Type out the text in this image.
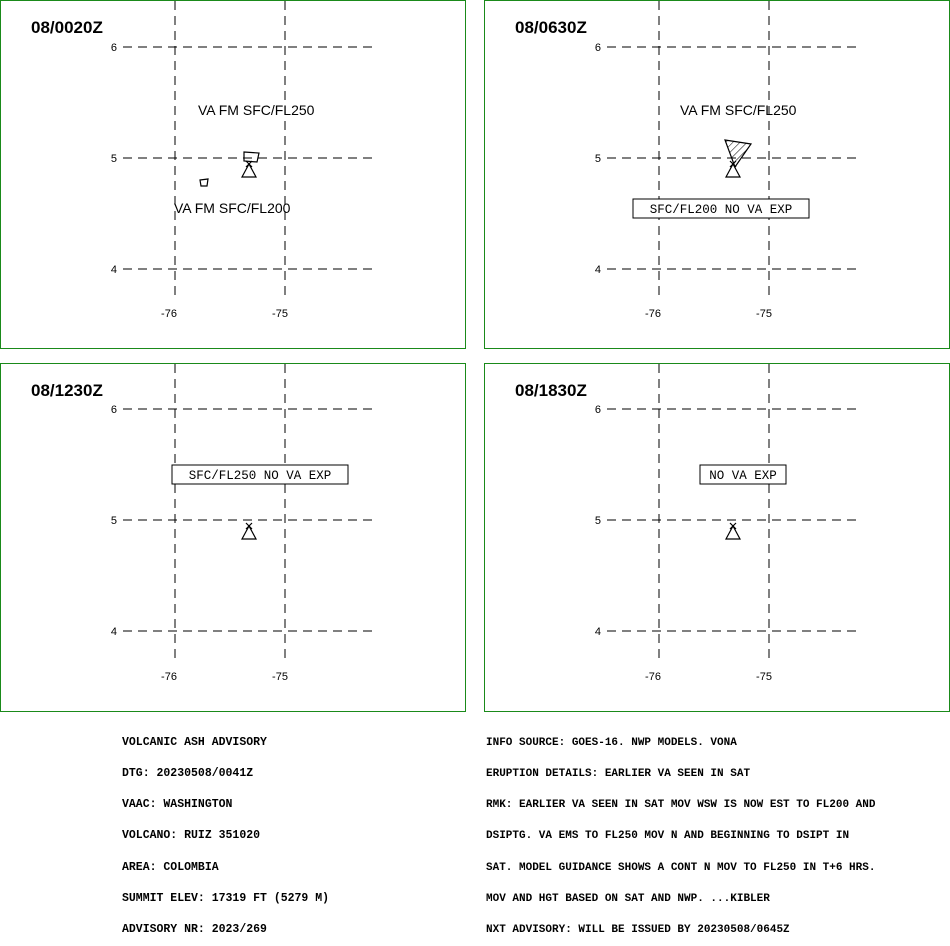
6
5
4
-76	-75
VA FM SFC/FL250
VA FM SFC/FL200
08/0020Z
6
5
4
-76	-75
VA FM SFC/FL250
SFC/FL200 NO VA EXP
08/0630Z
6
5
4
-76	-75
SFC/FL250 NO VA EXP
08/1230Z
6
5
4
-76	-75
NO VA EXP
08/1830Z

VOLCANIC ASH ADVISORY

DTG: 20230508/0041Z

VAAC: WASHINGTON

VOLCANO: RUIZ 351020

AREA: COLOMBIA

SUMMIT ELEV: 17319 FT (5279 M)

ADVISORY NR: 2023/269

INFO SOURCE: GOES-16. NWP MODELS. VONA

ERUPTION DETAILS: EARLIER VA SEEN IN SAT

RMK: EARLIER VA SEEN IN SAT MOV WSW IS NOW EST TO FL200 AND

DSIPTG. VA EMS TO FL250 MOV N AND BEGINNING TO DSIPT IN

SAT. MODEL GUIDANCE SHOWS A CONT N MOV TO FL250 IN T+6 HRS.

MOV AND HGT BASED ON SAT AND NWP. ...KIBLER

NXT ADVISORY: WILL BE ISSUED BY 20230508/0645Z
